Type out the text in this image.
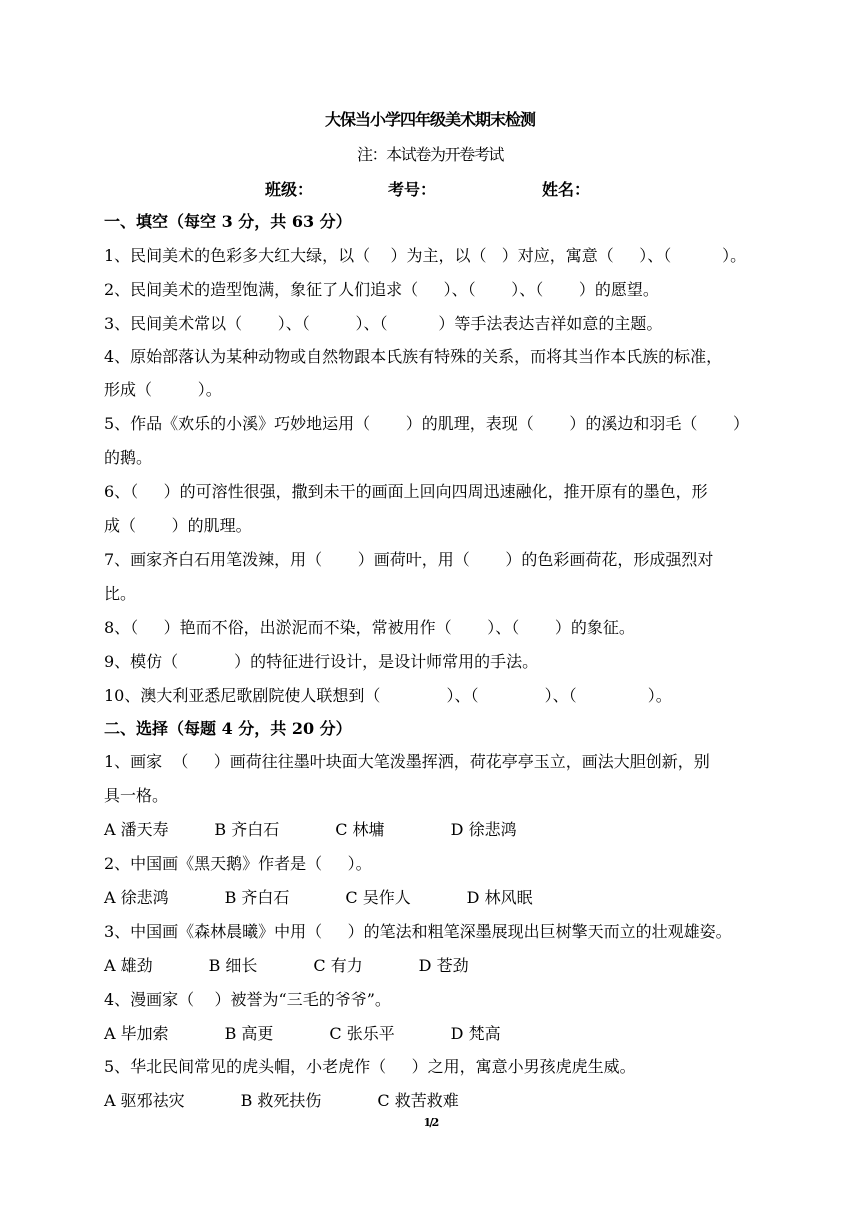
大保当小学四年级美术期末检测
注：本试卷为开卷考试
班级：	考号：	姓名：
一、填空（每空 3 分，共 63 分）
1、民间美术的色彩多大红大绿，以（    ）为主，以（   ）对应，寓意（     ）、（          ）。
2、民间美术的造型饱满，象征了人们追求（     ）、（       ）、（       ）的愿望。
3、民间美术常以（       ）、（         ）、（          ）等手法表达吉祥如意的主题。
4、原始部落认为某种动物或自然物跟本氏族有特殊的关系，而将其当作本氏族的标准，
形成（         ）。
5、作品《欢乐的小溪》巧妙地运用（       ）的肌理，表现（       ）的溪边和羽毛（       ）
的鹅。
6、（     ）的可溶性很强，撒到未干的画面上回向四周迅速融化，推开原有的墨色，形
成（       ）的肌理。
7、画家齐白石用笔泼辣，用（       ）画荷叶，用（       ）的色彩画荷花，形成强烈对
比。
8、（     ）艳而不俗，出淤泥而不染，常被用作（       ）、（       ）的象征。
9、模仿（           ）的特征进行设计，是设计师常用的手法。
10、澳大利亚悉尼歌剧院使人联想到（             ）、（             ）、（              ）。
二、选择（每题 4 分，共 20 分）
1、画家  （     ）画荷往往墨叶块面大笔泼墨挥洒，荷花亭亭玉立，画法大胆创新，别
具一格。
A 潘天寿         B 齐白石           C 林墉             D 徐悲鸿
2、中国画《黑天鹅》作者是（     ）。
A 徐悲鸿           B 齐白石           C 吴作人           D 林风眠
3、中国画《森林晨曦》中用（     ）的笔法和粗笔深墨展现出巨树擎天而立的壮观雄姿。
A 雄劲           B 细长           C 有力           D 苍劲
4、漫画家（    ）被誉为“三毛的爷爷”。
A 毕加索           B 高更           C 张乐平           D 梵高
5、华北民间常见的虎头帽，小老虎作（     ）之用，寓意小男孩虎虎生威。
A 驱邪祛灾           B 救死扶伤           C 救苦救难
1 / 2
